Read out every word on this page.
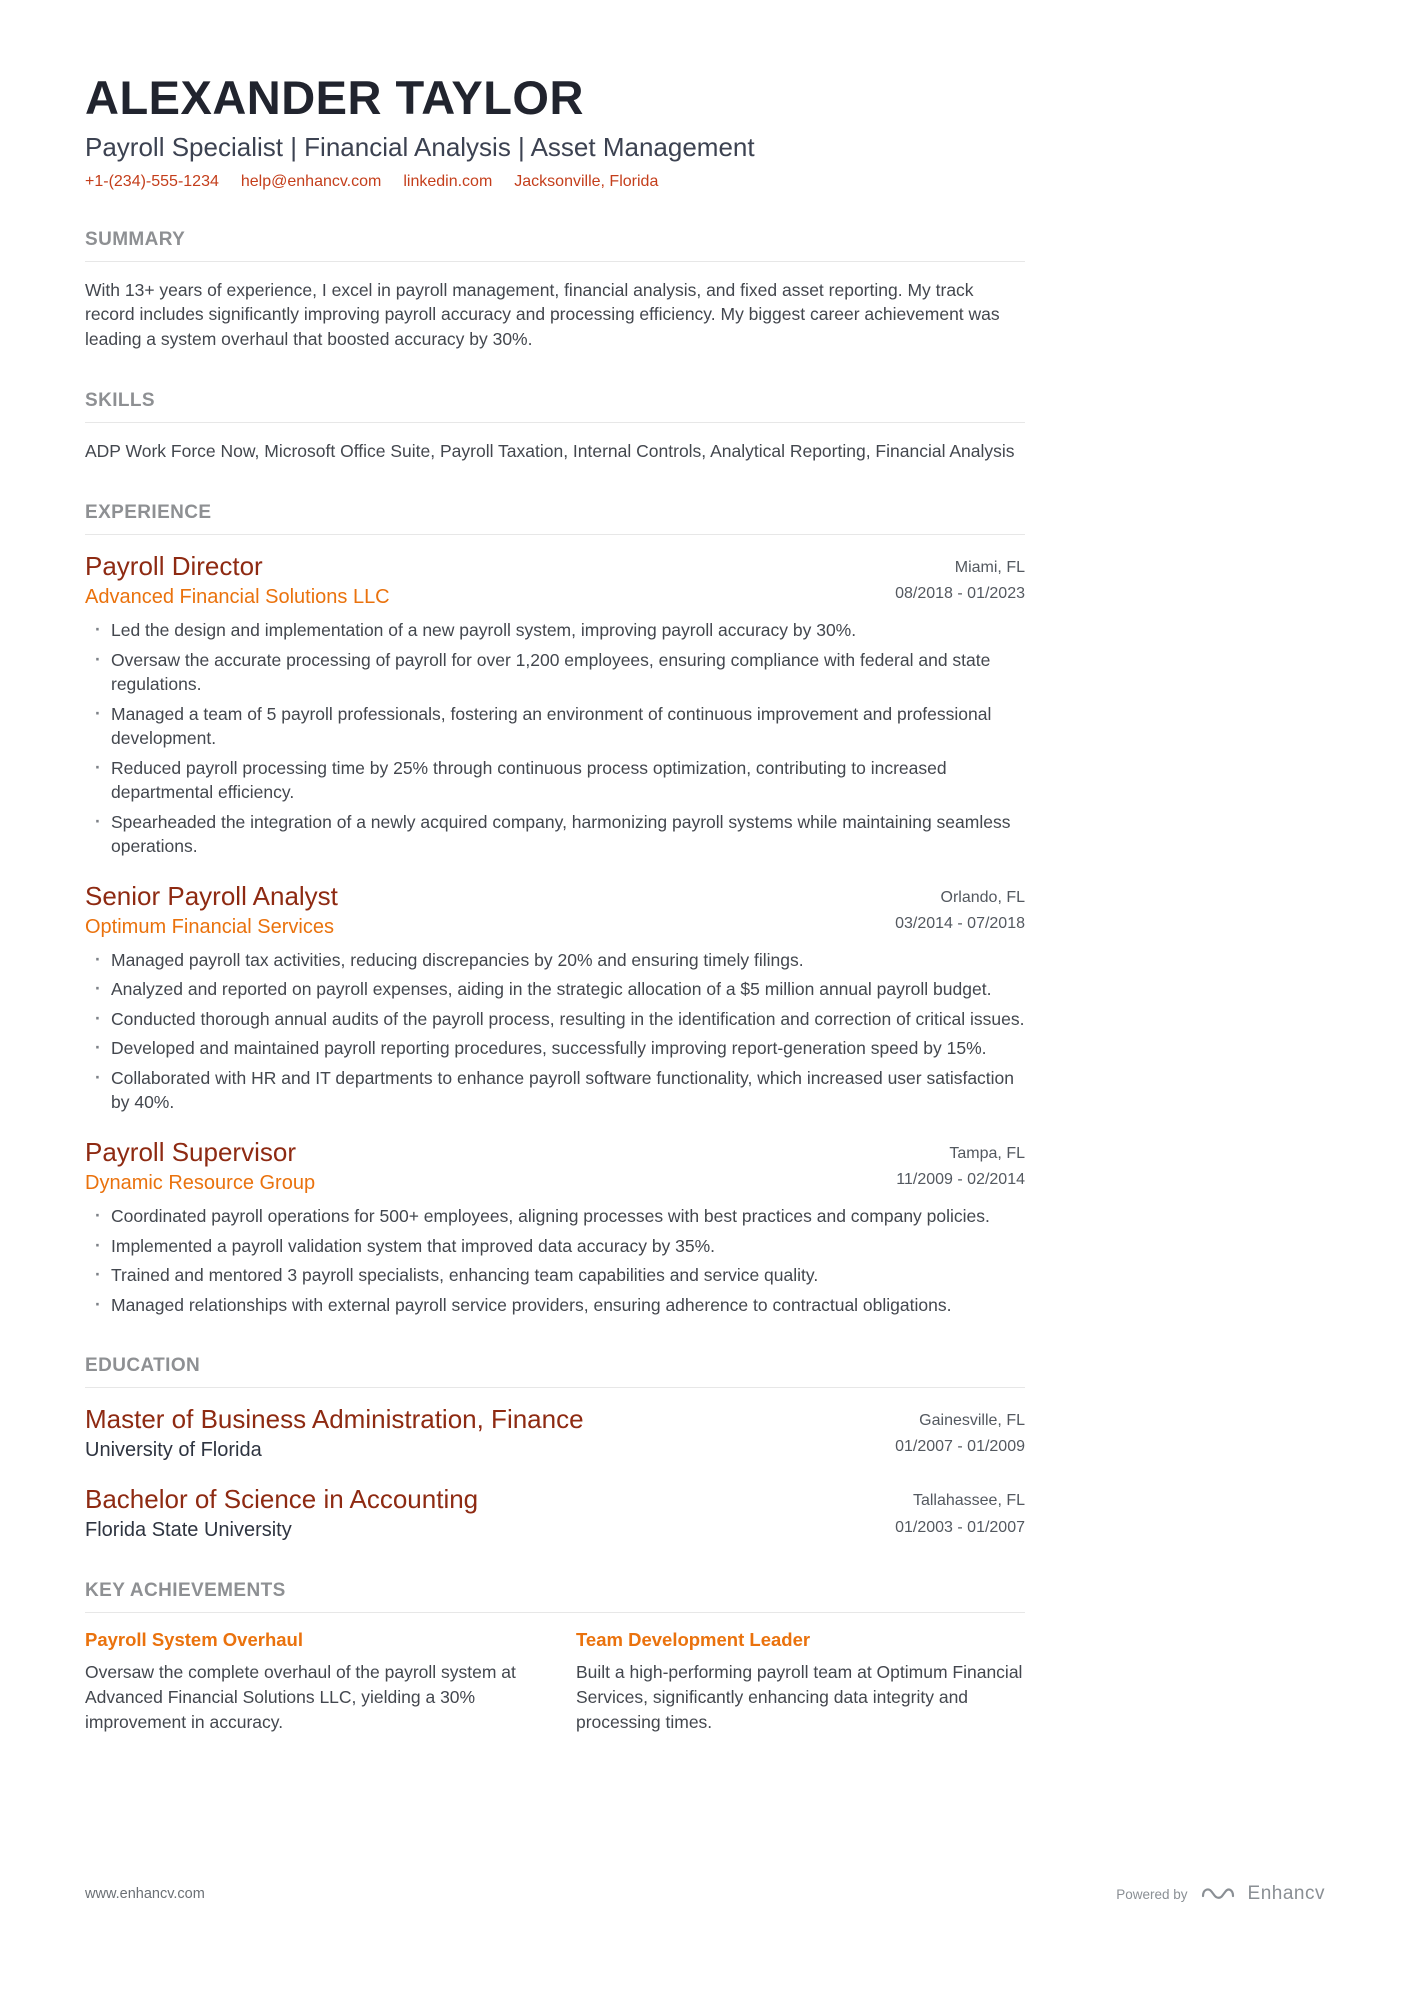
ALEXANDER TAYLOR
Payroll Specialist | Financial Analysis | Asset Management
+1-(234)-555-1234 help@enhancv.com linkedin.com Jacksonville, Florida
SUMMARY
With 13+ years of experience, I excel in payroll management, financial analysis, and fixed asset reporting. My track record includes significantly improving payroll accuracy and processing efficiency. My biggest career achievement was leading a system overhaul that boosted accuracy by 30%.
SKILLS
ADP Work Force Now, Microsoft Office Suite, Payroll Taxation, Internal Controls, Analytical Reporting, Financial Analysis
EXPERIENCE
Payroll Director
Advanced Financial Solutions LLC
Miami, FL
08/2018 - 01/2023
· Led the design and implementation of a new payroll system, improving payroll accuracy by 30%.
· Oversaw the accurate processing of payroll for over 1,200 employees, ensuring compliance with federal and state regulations.
· Managed a team of 5 payroll professionals, fostering an environment of continuous improvement and professional development.
· Reduced payroll processing time by 25% through continuous process optimization, contributing to increased departmental efficiency.
· Spearheaded the integration of a newly acquired company, harmonizing payroll systems while maintaining seamless operations.
Senior Payroll Analyst
Optimum Financial Services
Orlando, FL
03/2014 - 07/2018
· Managed payroll tax activities, reducing discrepancies by 20% and ensuring timely filings.
· Analyzed and reported on payroll expenses, aiding in the strategic allocation of a $5 million annual payroll budget.
· Conducted thorough annual audits of the payroll process, resulting in the identification and correction of critical issues.
· Developed and maintained payroll reporting procedures, successfully improving report-generation speed by 15%.
· Collaborated with HR and IT departments to enhance payroll software functionality, which increased user satisfaction by 40%.
Payroll Supervisor
Dynamic Resource Group
Tampa, FL
11/2009 - 02/2014
· Coordinated payroll operations for 500+ employees, aligning processes with best practices and company policies.
· Implemented a payroll validation system that improved data accuracy by 35%.
· Trained and mentored 3 payroll specialists, enhancing team capabilities and service quality.
· Managed relationships with external payroll service providers, ensuring adherence to contractual obligations.
EDUCATION
Master of Business Administration, Finance
University of Florida
Gainesville, FL
01/2007 - 01/2009
Bachelor of Science in Accounting
Florida State University
Tallahassee, FL
01/2003 - 01/2007
KEY ACHIEVEMENTS
Payroll System Overhaul
Oversaw the complete overhaul of the payroll system at Advanced Financial Solutions LLC, yielding a 30% improvement in accuracy.
Team Development Leader
Built a high-performing payroll team at Optimum Financial Services, significantly enhancing data integrity and processing times.
www.enhancv.com	Powered by	Enhancv
